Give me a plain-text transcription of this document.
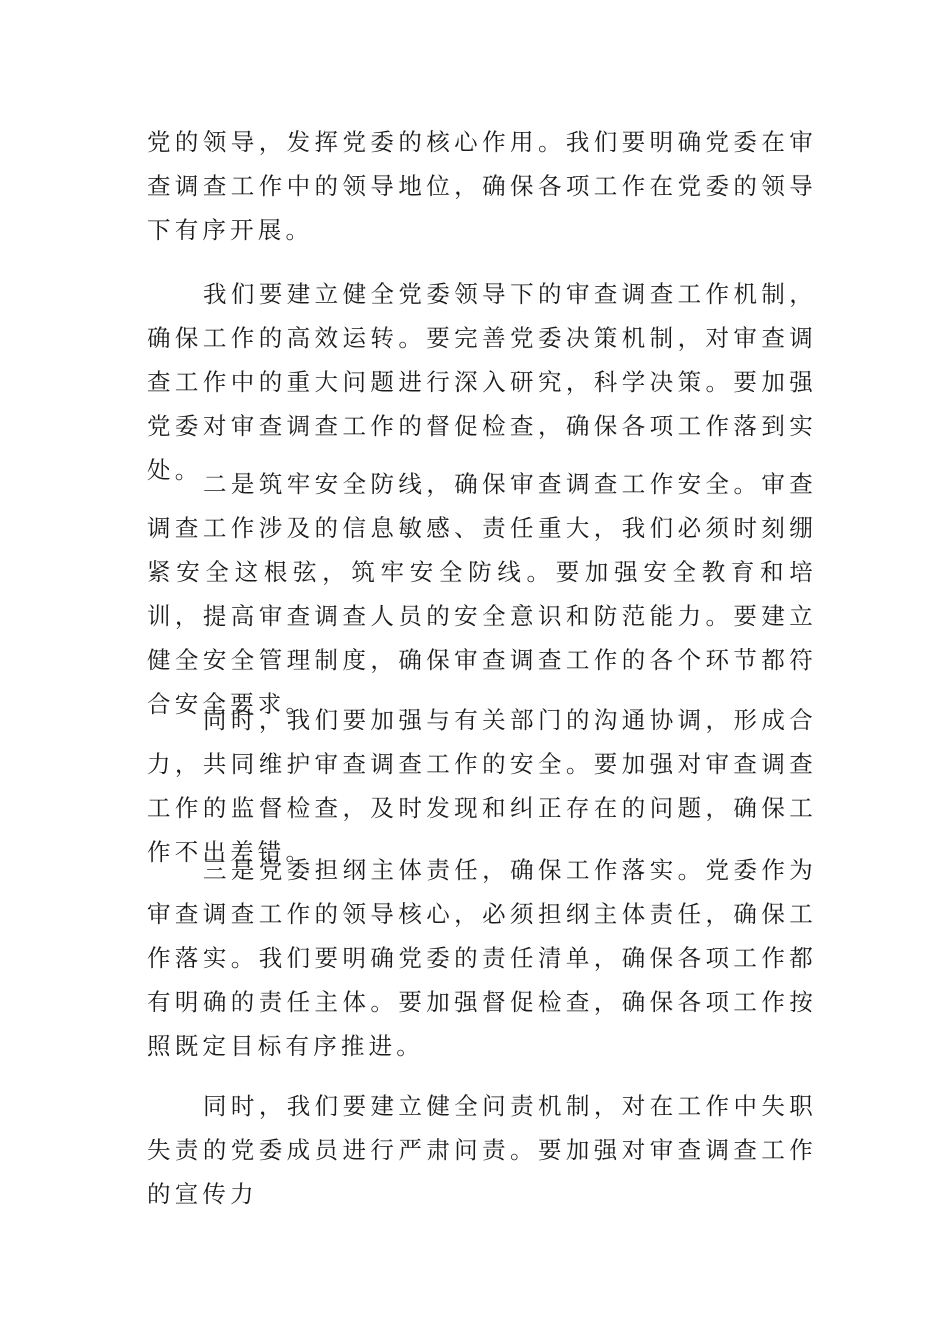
党的领导，发挥党委的核心作用。我们要明确党委在审查调查工作中的领导地位，确保各项工作在党委的领导下有序开展。

我们要建立健全党委领导下的审查调查工作机制，确保工作的高效运转。要完善党委决策机制，对审查调查工作中的重大问题进行深入研究，科学决策。要加强党委对审查调查工作的督促检查，确保各项工作落到实处。 二是筑牢安全防线，确保审查调查工作安全。审查调查工作涉及的信息敏感、责任重大，我们必须时刻绷紧安全这根弦，筑牢安全防线。要加强安全教育和培训，提高审查调查人员的安全意识和防范能力。要建立健全安全管理制度，确保审查调查工作的各个环节都符合安全要求。

同时，我们要加强与有关部门的沟通协调，形成合力，共同维护审查调查工作的安全。要加强对审查调查工作的监督检查，及时发现和纠正存在的问题，确保工作不出差错。

三是党委担纲主体责任，确保工作落实。党委作为审查调查工作的领导核心，必须担纲主体责任，确保工作落实。我们要明确党委的责任清单，确保各项工作都有明确的责任主体。要加强督促检查，确保各项工作按照既定目标有序推进。

同时，我们要建立健全问责机制，对在工作中失职失责的党委成员进行严肃问责。要加强对审查调查工作的宣传力
